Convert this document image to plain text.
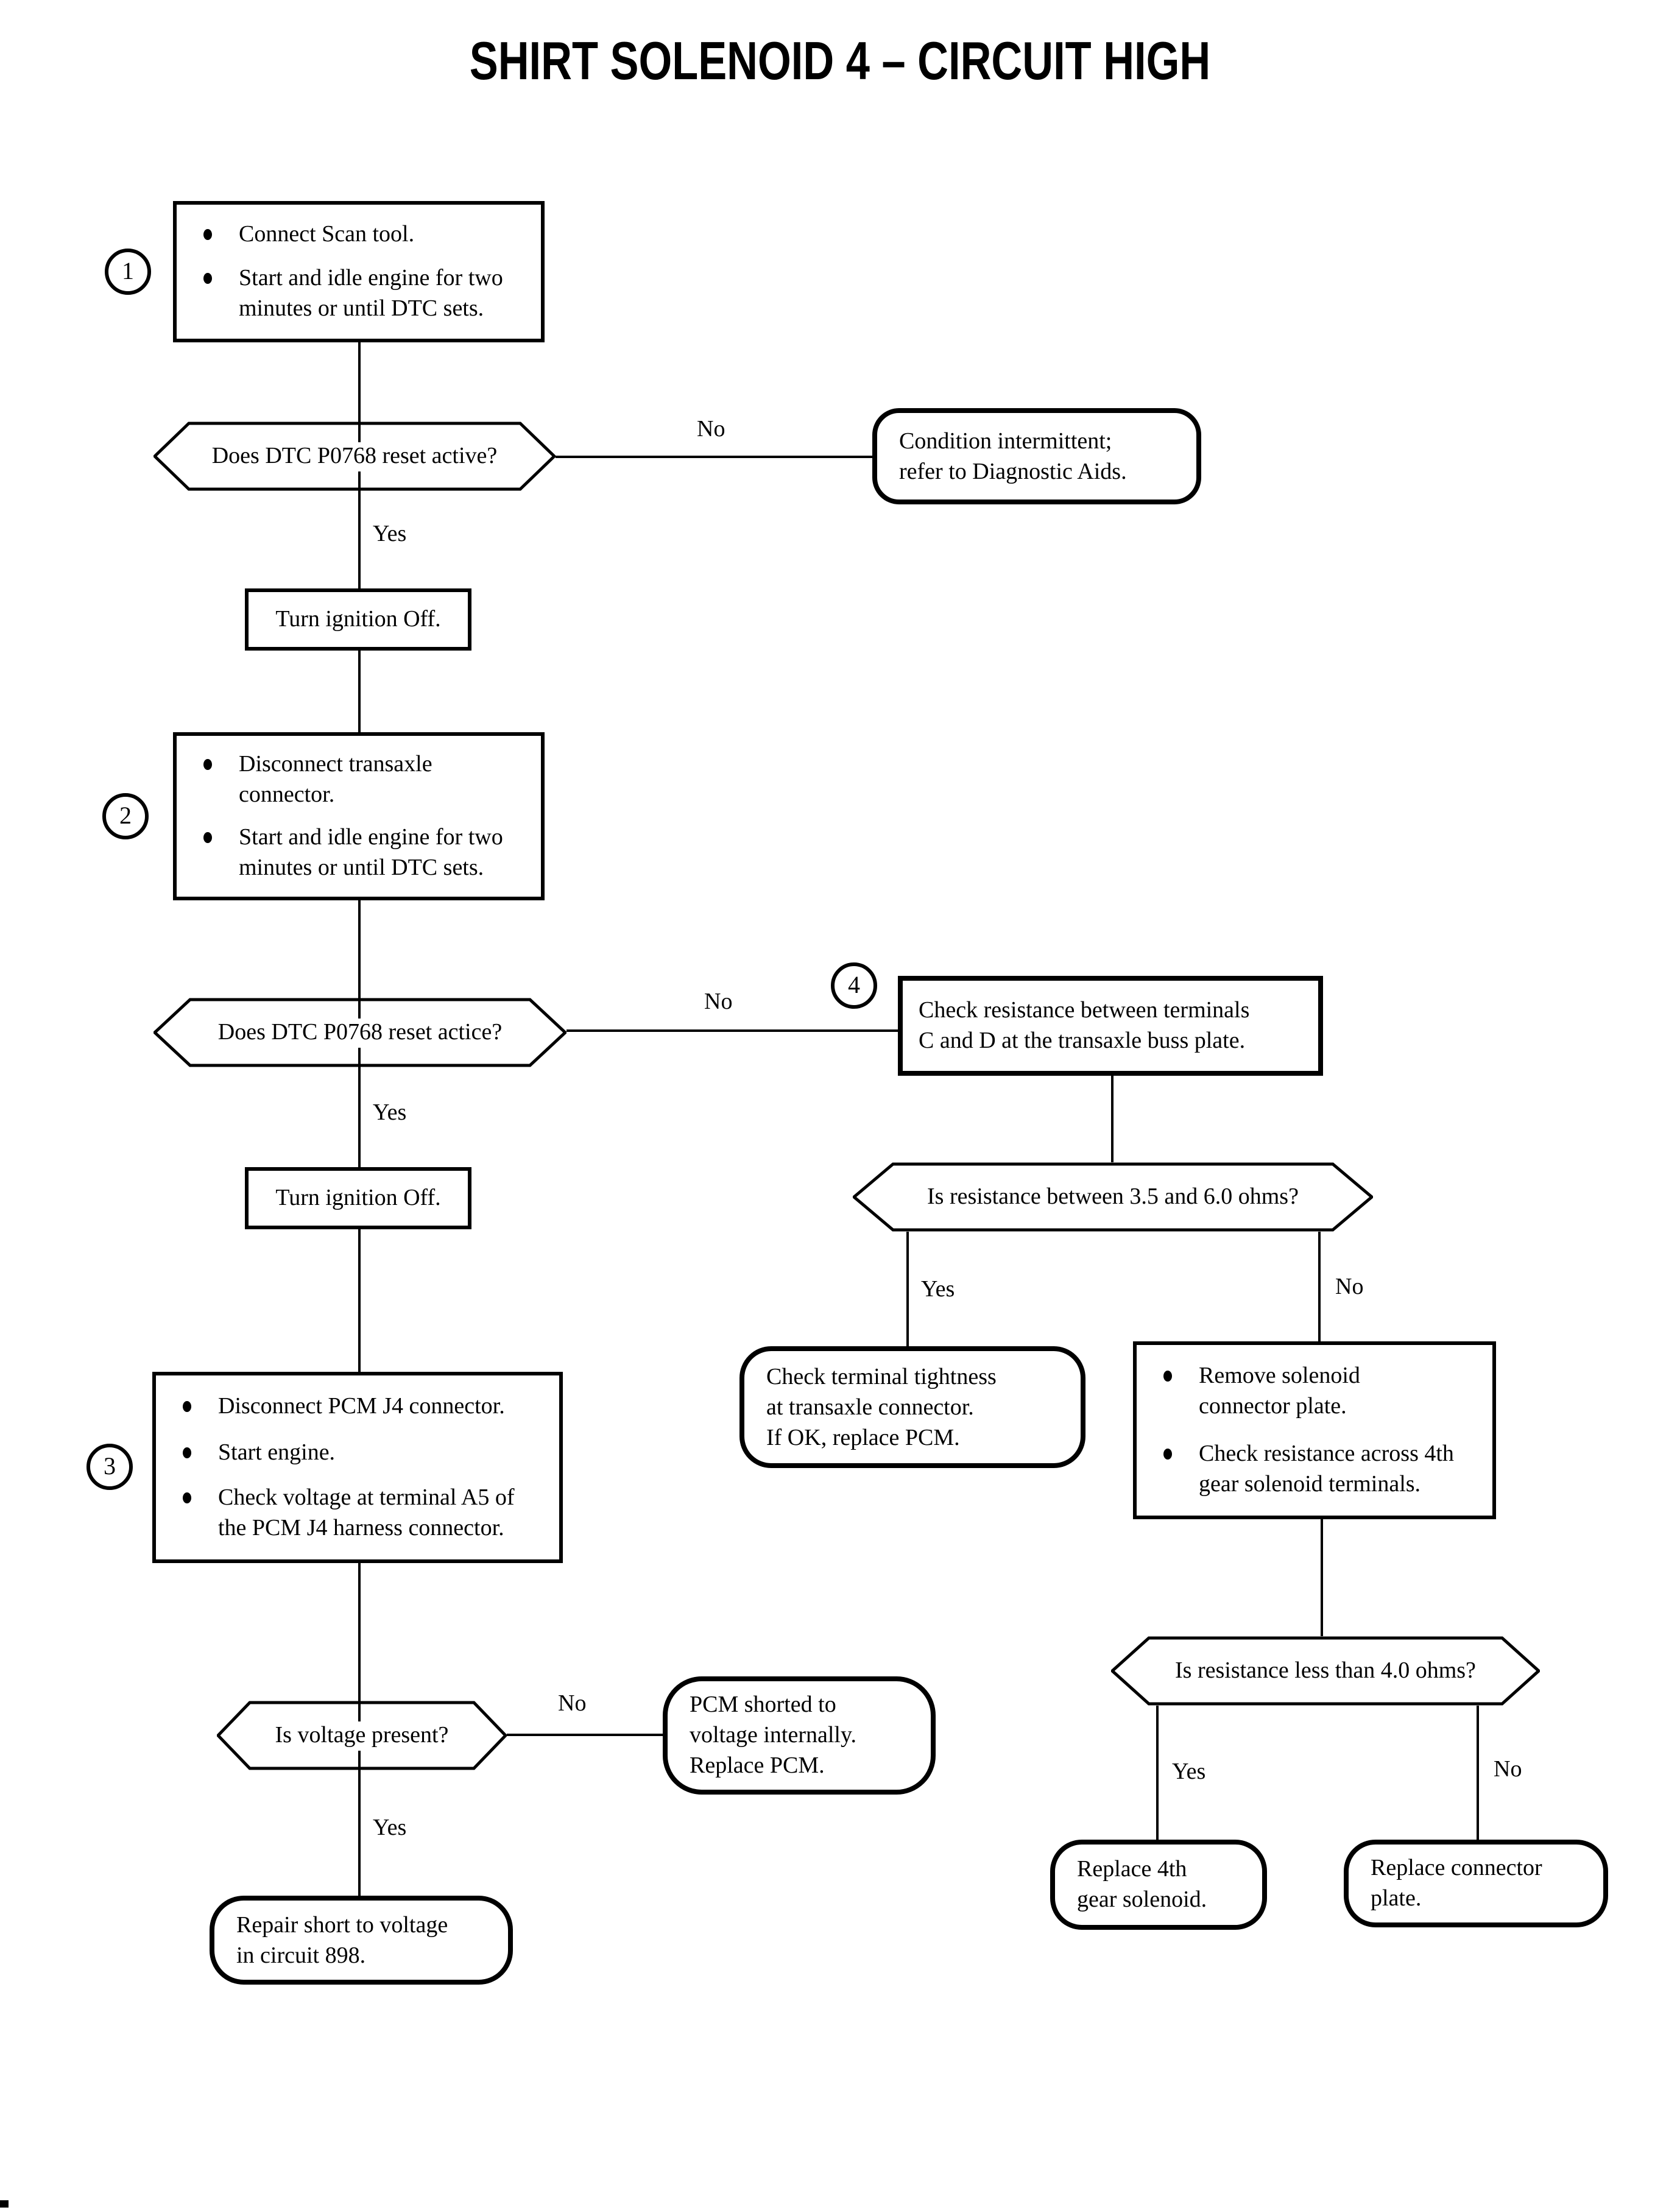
SHIRT SOLENOID 4 – CIRCUIT HIGH
1
2
3
4
Connect Scan tool.
Start and idle engine for two
minutes or until DTC sets.
Does DTC P0768 reset active?
No
Yes
Condition intermittent;
refer to Diagnostic Aids.
Turn ignition Off.
Disconnect transaxle
connector.
Start and idle engine for two
minutes or until DTC sets.
Does DTC P0768 reset actice?
No
Yes
Check resistance between terminals
C and D at the transaxle buss plate.
Is resistance between 3.5 and 6.0 ohms?
Yes	No
Check terminal tightness
at transaxle connector.
If OK, replace PCM.
Remove solenoid
connector plate.
Check resistance across 4th
gear solenoid terminals.
Is resistance less than 4.0 ohms?
Yes	No
Replace 4th
gear solenoid.
Replace connector
plate.
Turn ignition Off.
Disconnect PCM J4 connector.
Start engine.
Check voltage at terminal A5 of
the PCM J4 harness connector.
Is voltage present?
No
Yes
PCM shorted to
voltage internally.
Replace PCM.
Repair short to voltage
in circuit 898.
